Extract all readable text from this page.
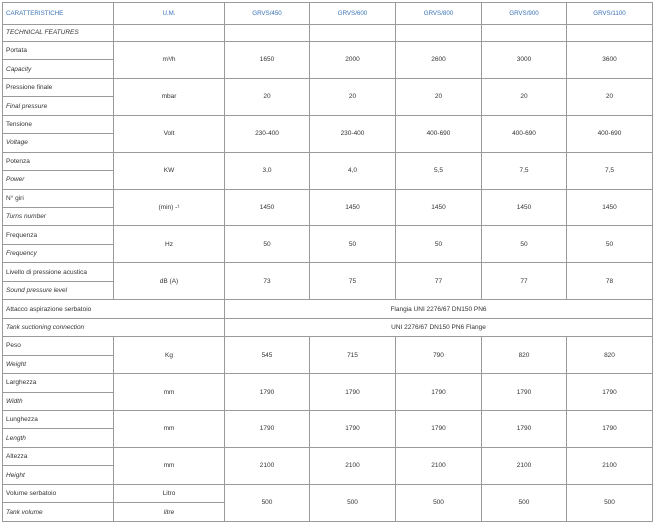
CARATTERISTICHE	U.M.	GRVS/450	GRVS/600	GRVS/800	GRVS/900	GRVS/1100
TECHNICAL FEATURES						
Portata	m³/h	1650	2000	2600	3000	3600
Capacity						
Pressione finale	mbar	20	20	20	20	20
Final pressure						
Tensione	Volt	230-400	230-400	400-690	400-690	400-690
Voltage						
Potenza	KW	3,0	4,0	5,5	7,5	7,5
Power						
N° giri	(min) -¹	1450	1450	1450	1450	1450
Turns number						
Frequenza	Hz	50	50	50	50	50
Frequency						
Livello di pressione acustica	dB (A)	73	75	77	77	78
Sound pressure level						
Attacco aspirazione serbatoio		Flangia UNI 2276/67 DN150 PN6				
Tank suctioning connection		UNI 2276/67 DN150 PN6 Flange				
Peso	Kg	545	715	790	820	820
Weight						
Larghezza	mm	1790	1790	1790	1790	1790
Width						
Lunghezza	mm	1790	1790	1790	1790	1790
Length						
Altezza	mm	2100	2100	2100	2100	2100
Height						
Volume serbatoio	Litro	500	500	500	500	500
Tank volume	litre					
